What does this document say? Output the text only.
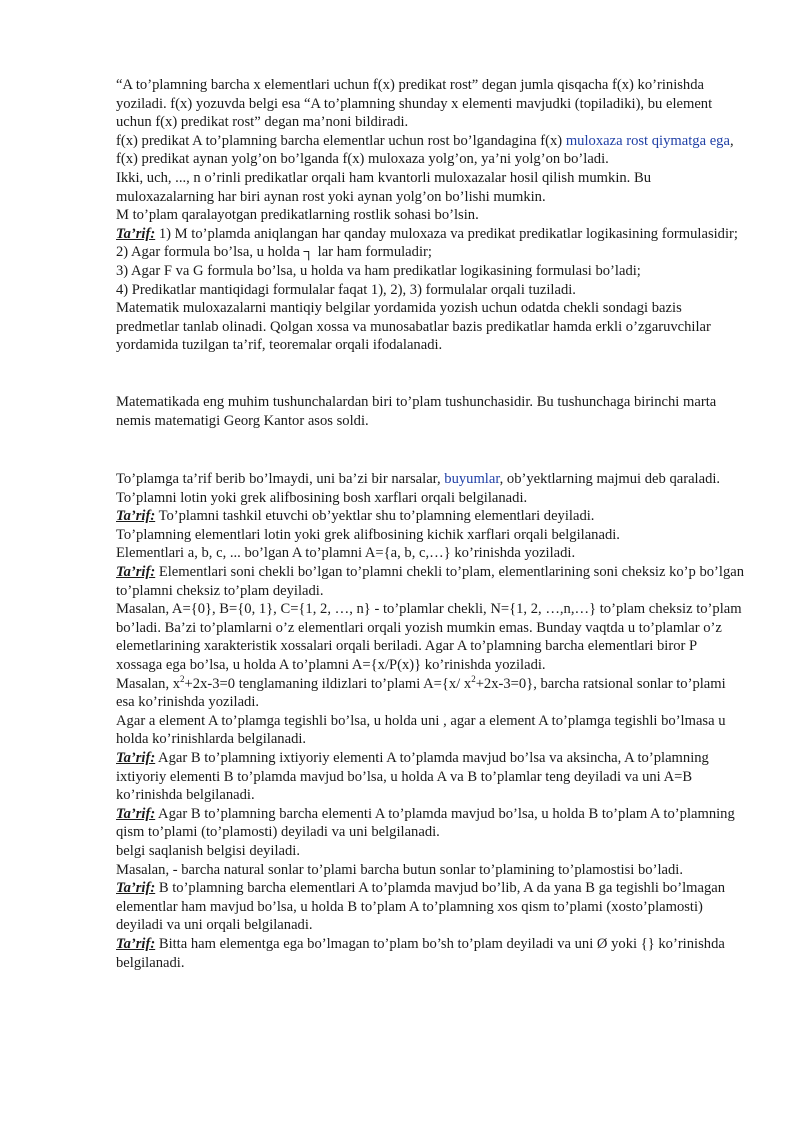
“A to’plamning barcha x elementlari uchun f(x) predikat rost” degan jumla qisqacha f(x) ko’rinishda yoziladi. f(x) yozuvda belgi esa “A to’plamning shunday x elementi mavjudki (topiladiki), bu element uchun f(x) predikat rost” degan ma’noni bildiradi.

f(x) predikat A to’plamning barcha elementlar uchun rost bo’lgandagina f(x) muloxaza rost qiymatga ega, f(x) predikat aynan yolg’on bo’lganda f(x) muloxaza yolg’on, ya’ni yolg’on bo’ladi.

Ikki, uch, ..., n o’rinli predikatlar orqali ham kvantorli muloxazalar hosil qilish mumkin. Bu muloxazalarning har biri aynan rost yoki aynan yolg’on bo’lishi mumkin.

M to’plam qaralayotgan predikatlarning rostlik sohasi bo’lsin.

Ta’rif: 1) M to’plamda aniqlangan har qanday muloxaza va predikat predikatlar logikasining formulasidir;

2) Agar formula bo’lsa, u holda ┐ lar ham formuladir;

3) Agar F va G formula bo’lsa, u holda va ham predikatlar logikasining formulasi bo’ladi;

4) Predikatlar mantiqidagi formulalar faqat 1), 2), 3) formulalar orqali tuziladi.

Matematik muloxazalarni mantiqiy belgilar yordamida yozish uchun odatda chekli sondagi bazis predmetlar tanlab olinadi. Qolgan xossa va munosabatlar bazis predikatlar hamda erkli o’zgaruvchilar yordamida tuzilgan ta’rif, teoremalar orqali ifodalanadi.

Matematikada eng muhim tushunchalardan biri to’plam tushunchasidir. Bu tushunchaga birinchi marta nemis matematigi Georg Kantor asos soldi.

To’plamga ta’rif berib bo’lmaydi, uni ba’zi bir narsalar, buyumlar, ob’yektlarning majmui deb qaraladi.

To’plamni lotin yoki grek alifbosining bosh xarflari orqali belgilanadi.

Ta’rif: To’plamni tashkil etuvchi ob’yektlar shu to’plamning elementlari deyiladi.

To’plamning elementlari lotin yoki grek alifbosining kichik xarflari orqali belgilanadi.

Elementlari a, b, c, ... bo’lgan A to’plamni A={a, b, c,…} ko’rinishda yoziladi.

Ta’rif: Elementlari soni chekli bo’lgan to’plamni chekli to’plam, elementlarining soni cheksiz ko’p bo’lgan to’plamni cheksiz to’plam deyiladi.

Masalan, A={0}, B={0, 1}, C={1, 2, …, n} - to’plamlar chekli, N={1, 2, …,n,…} to’plam cheksiz to’plam bo’ladi. Ba’zi to’plamlarni o’z elementlari orqali yozish mumkin emas. Bunday vaqtda u to’plamlar o’z elemetlarining xarakteristik xossalari orqali beriladi. Agar A to’plamning barcha elementlari biror P xossaga ega bo’lsa, u holda A to’plamni A={x/P(x)} ko’rinishda yoziladi.

Masalan, $x^2+2x-3=0$ tenglamaning ildizlari to’plami A={x/ $x^2+2x-3=0$}, barcha ratsional sonlar to’plami esa ko’rinishda yoziladi.

Agar a element A to’plamga tegishli bo’lsa, u holda uni , agar a element A to’plamga tegishli bo’lmasa u holda ko’rinishlarda belgilanadi.

Ta’rif: Agar B to’plamning ixtiyoriy elementi A to’plamda mavjud bo’lsa va aksincha, A to’plamning ixtiyoriy elementi B to’plamda mavjud bo’lsa, u holda A va B to’plamlar teng deyiladi va uni A=B ko’rinishda belgilanadi.

Ta’rif: Agar B to’plamning barcha elementi A to’plamda mavjud bo’lsa, u holda B to’plam A to’plamning qism to’plami (to’plamosti) deyiladi va uni belgilanadi.

belgi saqlanish belgisi deyiladi.

Masalan, - barcha natural sonlar to’plami barcha butun sonlar to’plamining to’plamostisi bo’ladi.

Ta’rif: B to’plamning barcha elementlari A to’plamda mavjud bo’lib, A da yana B ga tegishli bo’lmagan elementlar ham mavjud bo’lsa, u holda B to’plam A to’plamning xos qism to’plami (xosto’plamosti) deyiladi va uni orqali belgilanadi.

Ta’rif: Bitta ham elementga ega bo’lmagan to’plam bo’sh to’plam deyiladi va uni Ø yoki {} ko’rinishda belgilanadi.
